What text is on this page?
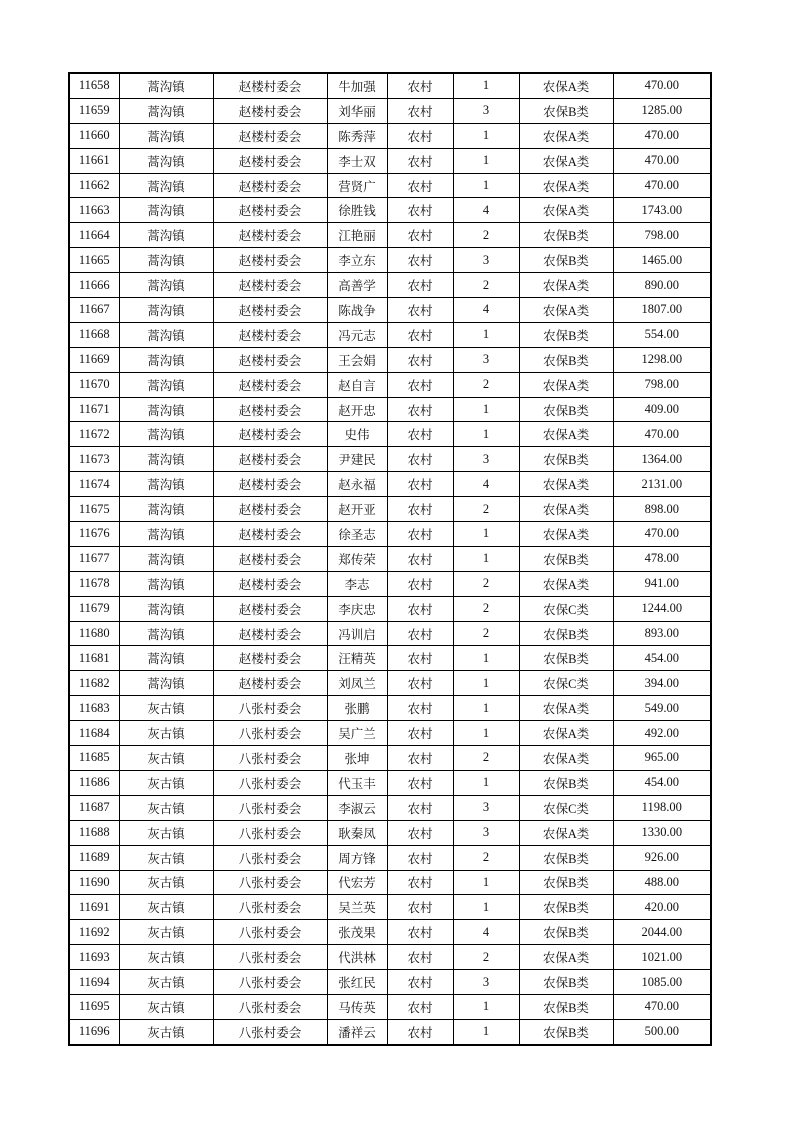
11658	蒿沟镇	赵楼村委会	牛加强	农村	1	农保A类	470.00
11659	蒿沟镇	赵楼村委会	刘华丽	农村	3	农保B类	1285.00
11660	蒿沟镇	赵楼村委会	陈秀萍	农村	1	农保A类	470.00
11661	蒿沟镇	赵楼村委会	李士双	农村	1	农保A类	470.00
11662	蒿沟镇	赵楼村委会	营贤广	农村	1	农保A类	470.00
11663	蒿沟镇	赵楼村委会	徐胜钱	农村	4	农保A类	1743.00
11664	蒿沟镇	赵楼村委会	江艳丽	农村	2	农保B类	798.00
11665	蒿沟镇	赵楼村委会	李立东	农村	3	农保B类	1465.00
11666	蒿沟镇	赵楼村委会	高善学	农村	2	农保A类	890.00
11667	蒿沟镇	赵楼村委会	陈战争	农村	4	农保A类	1807.00
11668	蒿沟镇	赵楼村委会	冯元志	农村	1	农保B类	554.00
11669	蒿沟镇	赵楼村委会	王会娟	农村	3	农保B类	1298.00
11670	蒿沟镇	赵楼村委会	赵自言	农村	2	农保A类	798.00
11671	蒿沟镇	赵楼村委会	赵开忠	农村	1	农保B类	409.00
11672	蒿沟镇	赵楼村委会	史伟	农村	1	农保A类	470.00
11673	蒿沟镇	赵楼村委会	尹建民	农村	3	农保B类	1364.00
11674	蒿沟镇	赵楼村委会	赵永福	农村	4	农保A类	2131.00
11675	蒿沟镇	赵楼村委会	赵开亚	农村	2	农保A类	898.00
11676	蒿沟镇	赵楼村委会	徐圣志	农村	1	农保A类	470.00
11677	蒿沟镇	赵楼村委会	郑传荣	农村	1	农保B类	478.00
11678	蒿沟镇	赵楼村委会	李志	农村	2	农保A类	941.00
11679	蒿沟镇	赵楼村委会	李庆忠	农村	2	农保C类	1244.00
11680	蒿沟镇	赵楼村委会	冯训启	农村	2	农保B类	893.00
11681	蒿沟镇	赵楼村委会	汪精英	农村	1	农保B类	454.00
11682	蒿沟镇	赵楼村委会	刘凤兰	农村	1	农保C类	394.00
11683	灰古镇	八张村委会	张鹏	农村	1	农保A类	549.00
11684	灰古镇	八张村委会	吴广兰	农村	1	农保A类	492.00
11685	灰古镇	八张村委会	张坤	农村	2	农保A类	965.00
11686	灰古镇	八张村委会	代玉丰	农村	1	农保B类	454.00
11687	灰古镇	八张村委会	李淑云	农村	3	农保C类	1198.00
11688	灰古镇	八张村委会	耿秦凤	农村	3	农保A类	1330.00
11689	灰古镇	八张村委会	周方锋	农村	2	农保B类	926.00
11690	灰古镇	八张村委会	代宏芳	农村	1	农保B类	488.00
11691	灰古镇	八张村委会	吴兰英	农村	1	农保B类	420.00
11692	灰古镇	八张村委会	张茂果	农村	4	农保B类	2044.00
11693	灰古镇	八张村委会	代洪林	农村	2	农保A类	1021.00
11694	灰古镇	八张村委会	张红民	农村	3	农保B类	1085.00
11695	灰古镇	八张村委会	马传英	农村	1	农保B类	470.00
11696	灰古镇	八张村委会	潘祥云	农村	1	农保B类	500.00
